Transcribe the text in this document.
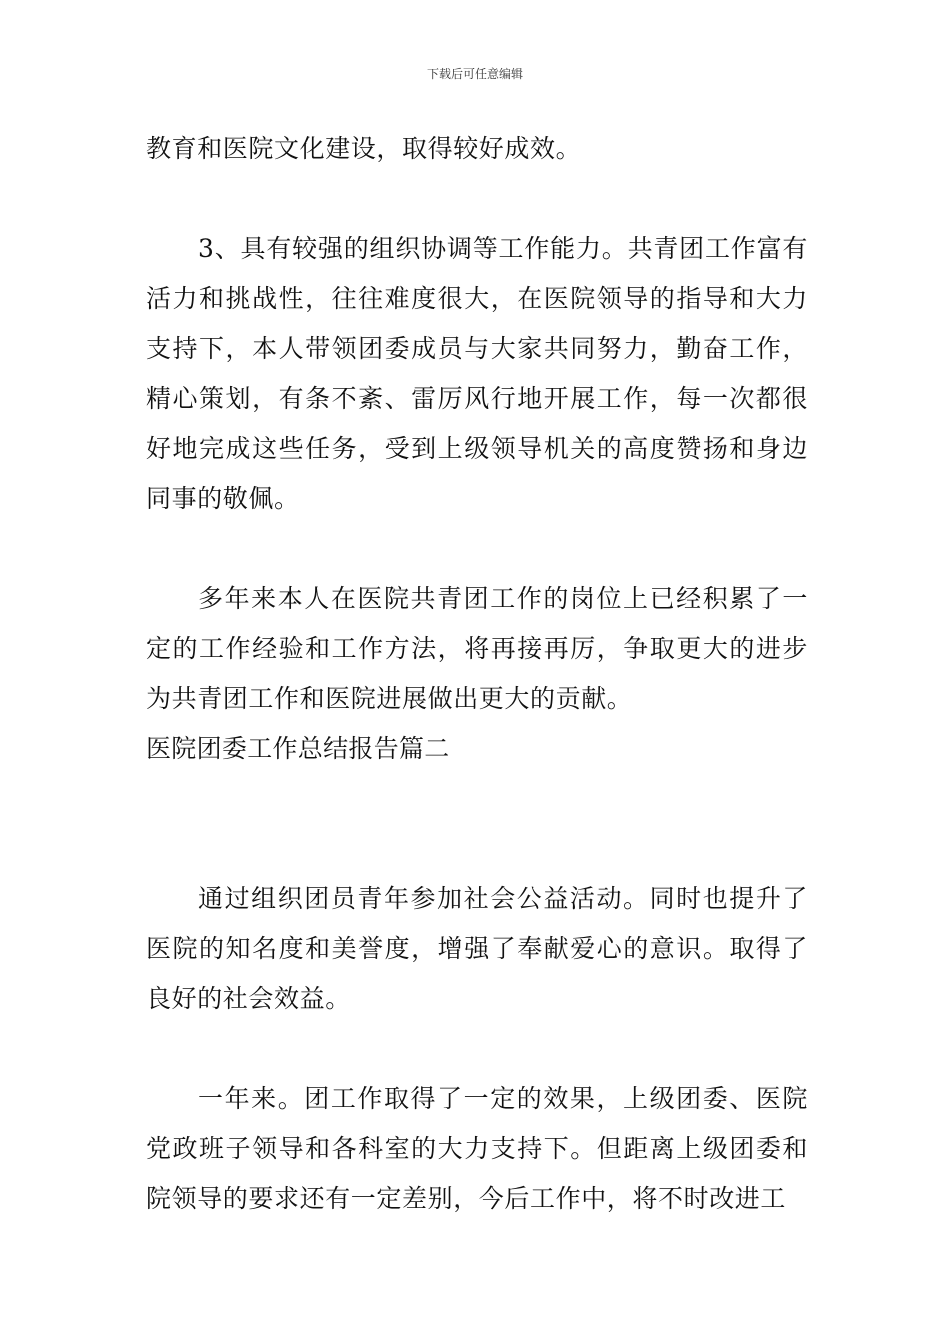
下载后可任意编辑

教育和医院文化建设，取得较好成效。

3、具有较强的组织协调等工作能力。共青团工作富有活力和挑战性，往往难度很大，在医院领导的指导和大力支持下，本人带领团委成员与大家共同努力，勤奋工作，精心策划，有条不紊、雷厉风行地开展工作，每一次都很好地完成这些任务，受到上级领导机关的高度赞扬和身边同事的敬佩。

多年来本人在医院共青团工作的岗位上已经积累了一定的工作经验和工作方法，将再接再厉，争取更大的进步为共青团工作和医院进展做出更大的贡献。

医院团委工作总结报告篇二

通过组织团员青年参加社会公益活动。同时也提升了医院的知名度和美誉度，增强了奉献爱心的意识。取得了良好的社会效益。

一年来。团工作取得了一定的效果，上级团委、医院党政班子领导和各科室的大力支持下。但距离上级团委和院领导的要求还有一定差别，今后工作中，将不时改进工
